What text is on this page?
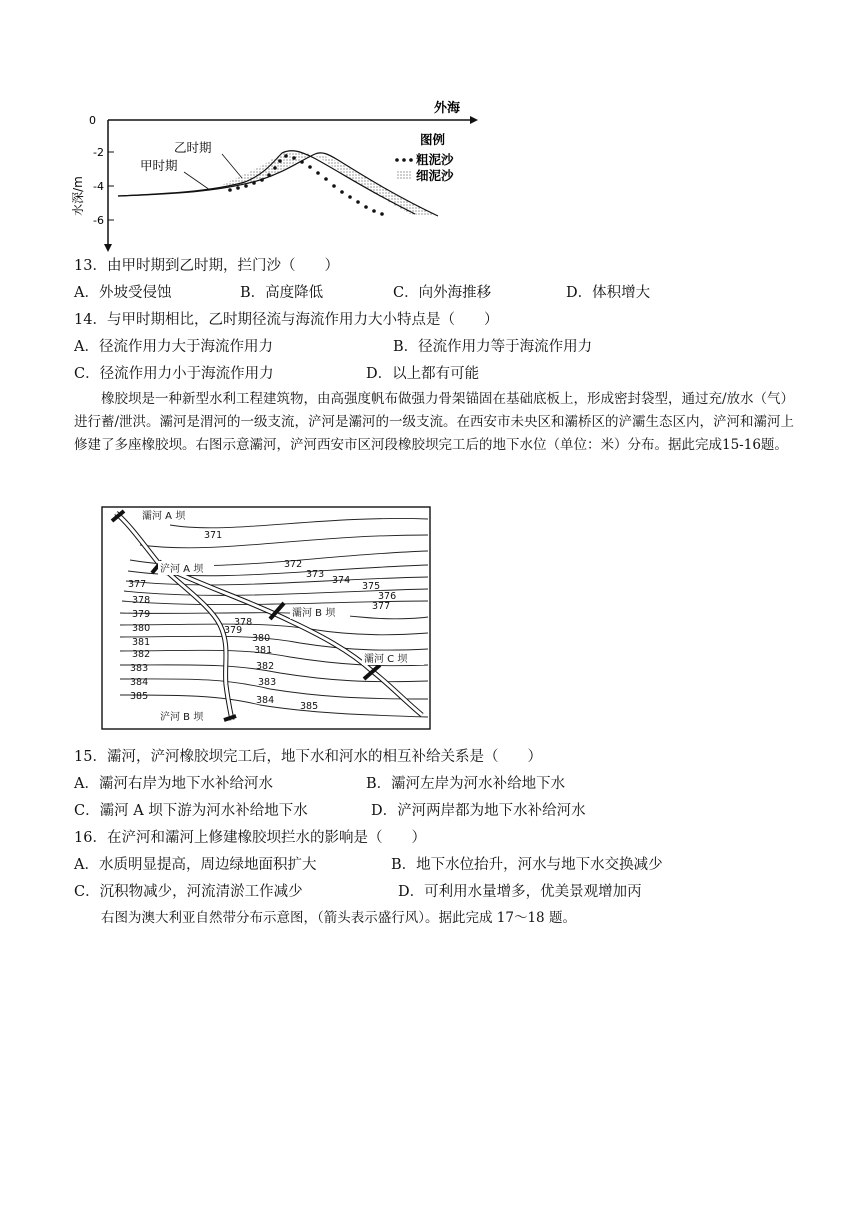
0
-2
-4
-6
外海
水深/m
乙时期
甲时期
图例
粗泥沙
细泥沙
13．由甲时期到乙时期，拦门沙（　　）
A．外坡受侵蚀	B．高度降低	C．向外海推移	D．体积增大
14．与甲时期相比，乙时期径流与海流作用力大小特点是（　　）
A．径流作用力大于海流作用力	B．径流作用力等于海流作用力
C．径流作用力小于海流作用力	D．以上都有可能
橡胶坝是一种新型水利工程建筑物，由高强度帆布做强力骨架锚固在基础底板上，形成密封袋型，通过充/放水（气）进行蓄/泄洪。灞河是渭河的一级支流，浐河是灞河的一级支流。在西安市未央区和灞桥区的浐灞生态区内，浐河和灞河上修建了多座橡胶坝。右图示意灞河，浐河西安市区河段橡胶坝完工后的地下水位（单位：米）分布。据此完成15-16题。
灞河 A 坝
浐河 A 坝
灞河 B 坝
灞河 C 坝
浐河 B 坝
371
372
373
374
375
376
377
377
378
379
380
381
382
383
384
385
378
379
380
381
382
383
384
385
15．灞河，浐河橡胶坝完工后，地下水和河水的相互补给关系是（　　）
A．灞河右岸为地下水补给河水	B．灞河左岸为河水补给地下水
C．灞河 A 坝下游为河水补给地下水	D．浐河两岸都为地下水补给河水
16．在浐河和灞河上修建橡胶坝拦水的影响是（　　）
A．水质明显提高，周边绿地面积扩大	B．地下水位抬升，河水与地下水交换减少
C．沉积物减少，河流清淤工作减少	D．可利用水量增多，优美景观增加丙
右图为澳大利亚自然带分布示意图，（箭头表示盛行风）。据此完成 17～18 题。
